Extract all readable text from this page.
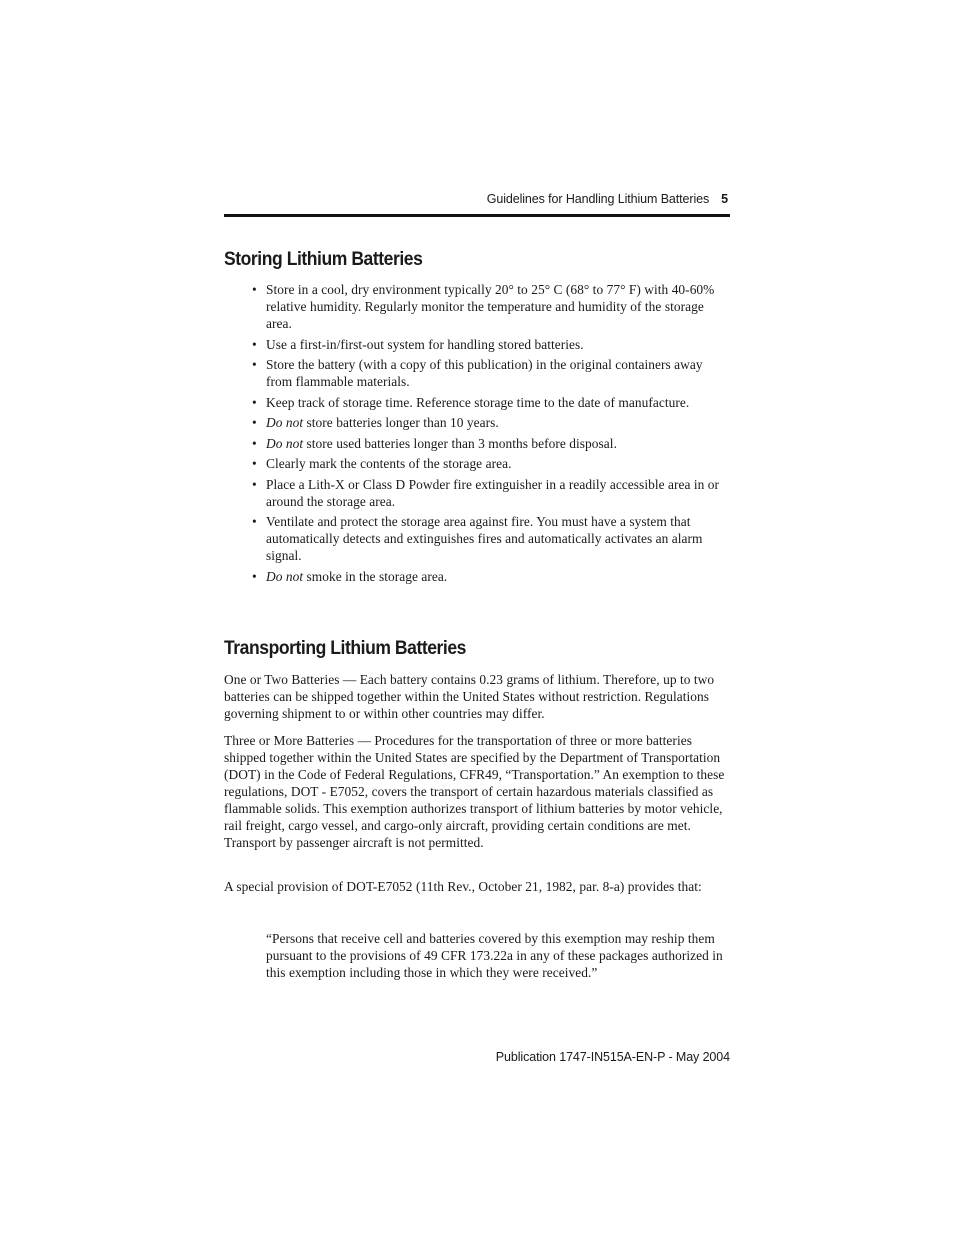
Guidelines for Handling Lithium Batteries 5
Storing Lithium Batteries
• Store in a cool, dry environment typically 20° to 25° C (68° to 77° F) with 40-60% relative humidity. Regularly monitor the temperature and humidity of the storage area.
• Use a first-in/first-out system for handling stored batteries.
• Store the battery (with a copy of this publication) in the original containers away from flammable materials.
• Keep track of storage time. Reference storage time to the date of manufacture.
• Do not store batteries longer than 10 years.
• Do not store used batteries longer than 3 months before disposal.
• Clearly mark the contents of the storage area.
• Place a Lith-X or Class D Powder fire extinguisher in a readily accessible area in or around the storage area.
• Ventilate and protect the storage area against fire. You must have a system that automatically detects and extinguishes fires and automatically activates an alarm signal.
• Do not smoke in the storage area.
Transporting Lithium Batteries

One or Two Batteries — Each battery contains 0.23 grams of lithium. Therefore, up to two batteries can be shipped together within the United States without restriction. Regulations governing shipment to or within other countries may differ.

Three or More Batteries — Procedures for the transportation of three or more batteries shipped together within the United States are specified by the Department of Transportation (DOT) in the Code of Federal Regulations, CFR49, “Transportation.” An exemption to these regulations, DOT - E7052, covers the transport of certain hazardous materials classified as flammable solids. This exemption authorizes transport of lithium batteries by motor vehicle, rail freight, cargo vessel, and cargo-only aircraft, providing certain conditions are met. Transport by passenger aircraft is not permitted.

A special provision of DOT-E7052 (11th Rev., October 21, 1982, par. 8-a) provides that:

“Persons that receive cell and batteries covered by this exemption may reship them pursuant to the provisions of 49 CFR 173.22a in any of these packages authorized in this exemption including those in which they were received.”

Publication 1747-IN515A-EN-P - May 2004
